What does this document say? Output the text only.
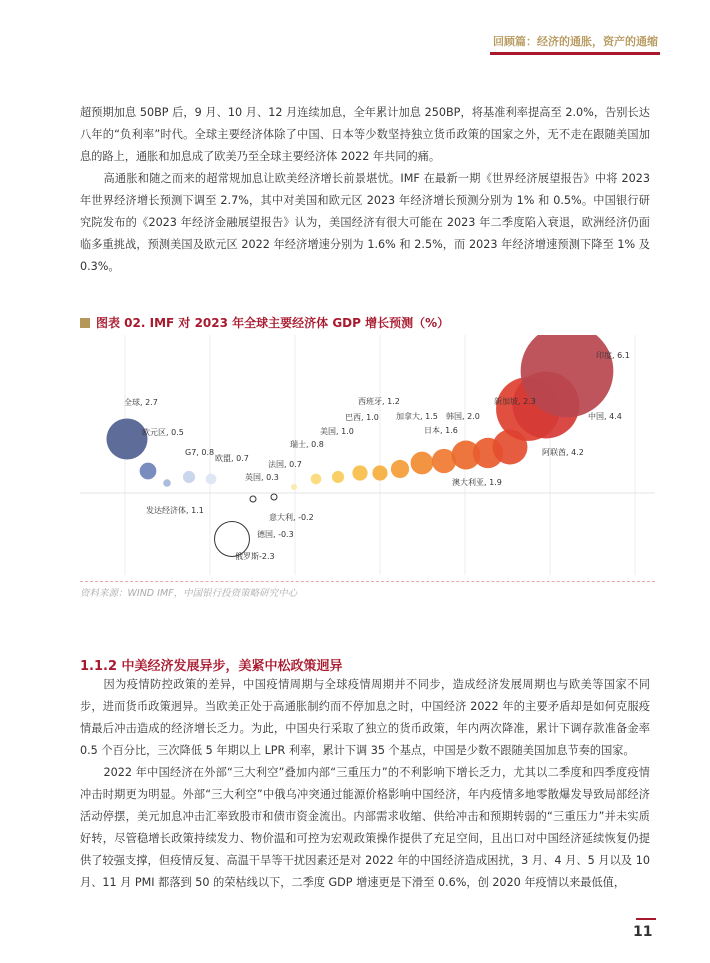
回顾篇：经济的通胀，资产的通缩

超预期加息 50BP 后，9 月、10 月、12 月连续加息，全年累计加息 250BP，将基准利率提高至 2.0%，告别长达八年的“负利率”时代。全球主要经济体除了中国、日本等少数坚持独立货币政策的国家之外，无不走在跟随美国加息的路上，通胀和加息成了欧美乃至全球主要经济体 2022 年共同的痛。

高通胀和随之而来的超常规加息让欧美经济增长前景堪忧。IMF 在最新一期《世界经济展望报告》中将 2023 年世界经济增长预测下调至 2.7%，其中对美国和欧元区 2023 年经济增长预测分别为 1% 和 0.5%。中国银行研究院发布的《2023 年经济金融展望报告》认为，美国经济有很大可能在 2023 年二季度陷入衰退，欧洲经济仍面临多重挑战，预测美国及欧元区 2022 年经济增速分别为 1.6% 和 2.5%，而 2023 年经济增速预测下降至 1% 及 0.3%。

图表 02. IMF 对 2023 年全球主要经济体 GDP 增长预测（%）
全球, 2.7
发达经济体, 1.1
欧元区, 0.5
G7, 0.8
欧盟, 0.7
俄罗斯-2.3
德国, -0.3
意大利, -0.2
英国, 0.3
法国, 0.7
瑞士, 0.8
美国, 1.0
巴西, 1.0
西班牙, 1.2
加拿大, 1.5
日本, 1.6
澳大利亚, 1.9
韩国, 2.0
新加坡, 2.3
阿联酋, 4.2
中国, 4.4
印度, 6.1
资料来源：WIND IMF，中国银行投资策略研究中心
1.1.2 中美经济发展异步，美紧中松政策迥异

因为疫情防控政策的差异，中国疫情周期与全球疫情周期并不同步，造成经济发展周期也与欧美等国家不同步，进而货币政策迥异。当欧美正处于高通胀制约而不停加息之时，中国经济 2022 年的主要矛盾却是如何克服疫情最后冲击造成的经济增长乏力。为此，中国央行采取了独立的货币政策，年内两次降准，累计下调存款准备金率 0.5 个百分比，三次降低 5 年期以上 LPR 利率，累计下调 35 个基点，中国是少数不跟随美国加息节奏的国家。

2022 年中国经济在外部“三大利空”叠加内部“三重压力”的不利影响下增长乏力，尤其以二季度和四季度疫情冲击时期更为明显。外部“三大利空”中俄乌冲突通过能源价格影响中国经济，年内疫情多地零散爆发导致局部经济活动停摆，美元加息冲击汇率致股市和债市资金流出。内部需求收缩、供给冲击和预期转弱的“三重压力”并未实质好转，尽管稳增长政策持续发力、物价温和可控为宏观政策操作提供了充足空间，且出口对中国经济延续恢复仍提供了较强支撑，但疫情反复、高温干旱等干扰因素还是对 2022 年的中国经济造成困扰，3 月、4 月、5 月以及 10 月、11 月 PMI 都落到 50 的荣枯线以下，二季度 GDP 增速更是下滑至 0.6%，创 2020 年疫情以来最低值，

11
